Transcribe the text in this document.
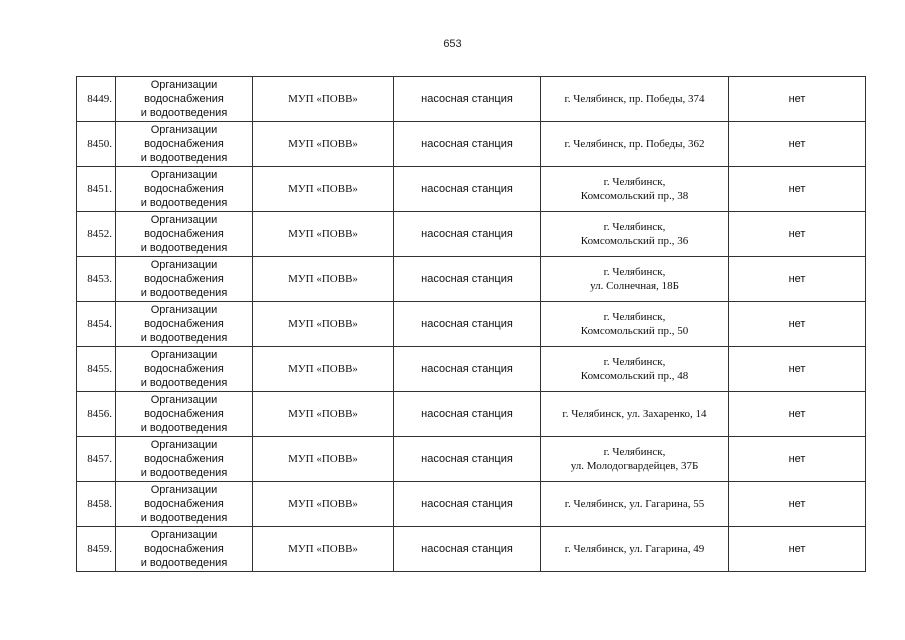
653
8449.	Организации
водоснабжения
и водоотведения	МУП «ПОВВ»	насосная станция	г. Челябинск, пр. Победы, 374	нет
8450.	Организации
водоснабжения
и водоотведения	МУП «ПОВВ»	насосная станция	г. Челябинск, пр. Победы, 362	нет
8451.	Организации
водоснабжения
и водоотведения	МУП «ПОВВ»	насосная станция	г. Челябинск,
Комсомольский пр., 38	нет
8452.	Организации
водоснабжения
и водоотведения	МУП «ПОВВ»	насосная станция	г. Челябинск,
Комсомольский пр., 36	нет
8453.	Организации
водоснабжения
и водоотведения	МУП «ПОВВ»	насосная станция	г. Челябинск,
ул. Солнечная, 18Б	нет
8454.	Организации
водоснабжения
и водоотведения	МУП «ПОВВ»	насосная станция	г. Челябинск,
Комсомольский пр., 50	нет
8455.	Организации
водоснабжения
и водоотведения	МУП «ПОВВ»	насосная станция	г. Челябинск,
Комсомольский пр., 48	нет
8456.	Организации
водоснабжения
и водоотведения	МУП «ПОВВ»	насосная станция	г. Челябинск, ул. Захаренко, 14	нет
8457.	Организации
водоснабжения
и водоотведения	МУП «ПОВВ»	насосная станция	г. Челябинск,
ул. Молодогвардейцев, 37Б	нет
8458.	Организации
водоснабжения
и водоотведения	МУП «ПОВВ»	насосная станция	г. Челябинск, ул. Гагарина, 55	нет
8459.	Организации
водоснабжения
и водоотведения	МУП «ПОВВ»	насосная станция	г. Челябинск, ул. Гагарина, 49	нет
